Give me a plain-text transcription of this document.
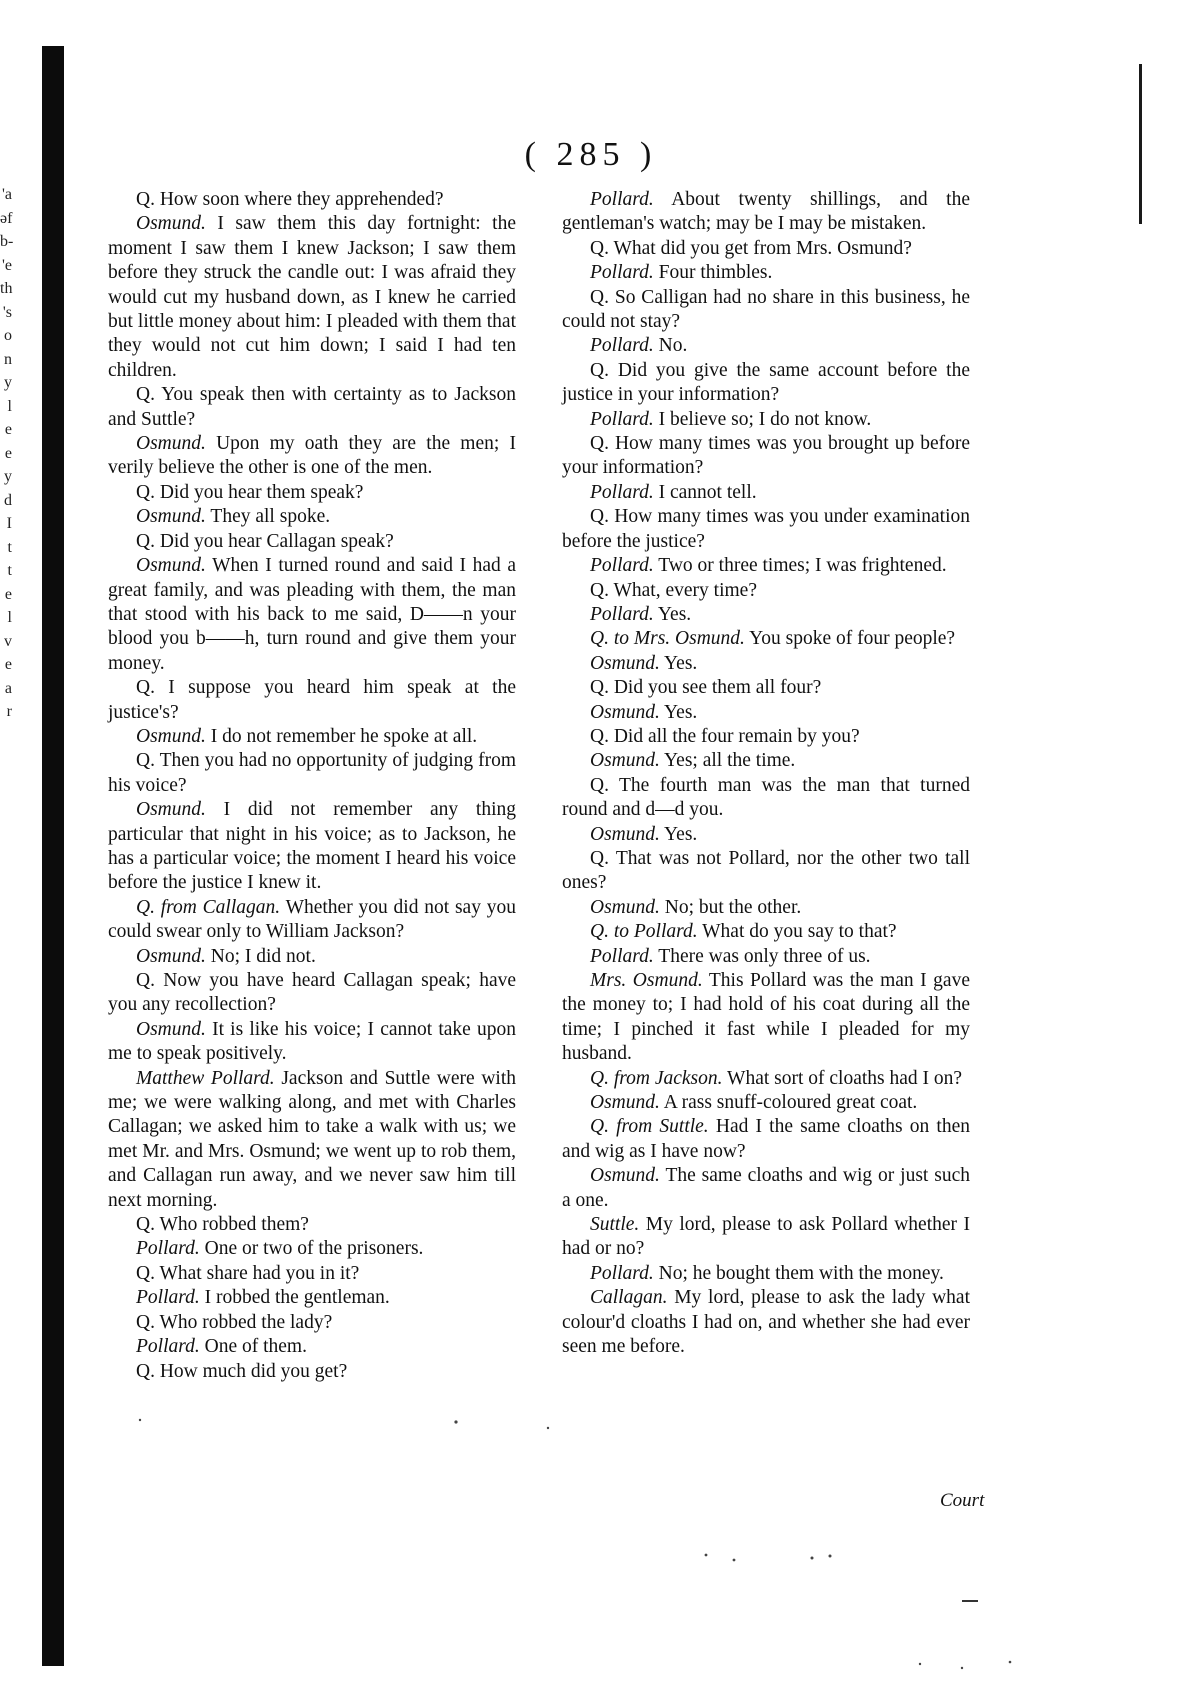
'a
əf
b-
'e
th
's
o
n
y
l
e
e
y
d
I
t
t
e
l
v
e
a
r
( 285 )

Q. How soon where they apprehended?

Osmund. I saw them this day fortnight: the moment I saw them I knew Jackson; I saw them before they struck the candle out: I was afraid they would cut my husband down, as I knew he carried but little money about him: I pleaded with them that they would not cut him down; I said I had ten children.

Q. You speak then with certainty as to Jackson and Suttle?

Osmund. Upon my oath they are the men; I verily believe the other is one of the men.

Q. Did you hear them speak?

Osmund. They all spoke.

Q. Did you hear Callagan speak?

Osmund. When I turned round and said I had a great family, and was pleading with them, the man that stood with his back to me said, D——n your blood you b——h, turn round and give them your money.

Q. I suppose you heard him speak at the justice's?

Osmund. I do not remember he spoke at all.

Q. Then you had no opportunity of judging from his voice?

Osmund. I did not remember any thing particular that night in his voice; as to Jackson, he has a particular voice; the moment I heard his voice before the justice I knew it.

Q. from Callagan. Whether you did not say you could swear only to William Jackson?

Osmund. No; I did not.

Q. Now you have heard Callagan speak; have you any recollection?

Osmund. It is like his voice; I cannot take upon me to speak positively.

Matthew Pollard. Jackson and Suttle were with me; we were walking along, and met with Charles Callagan; we asked him to take a walk with us; we met Mr. and Mrs. Osmund; we went up to rob them, and Callagan run away, and we never saw him till next morning.

Q. Who robbed them?

Pollard. One or two of the prisoners.

Q. What share had you in it?

Pollard. I robbed the gentleman.

Q. Who robbed the lady?

Pollard. One of them.

Q. How much did you get?

Pollard. About twenty shillings, and the gentleman's watch; may be I may be mistaken.

Q. What did you get from Mrs. Osmund?

Pollard. Four thimbles.

Q. So Calligan had no share in this business, he could not stay?

Pollard. No.

Q. Did you give the same account before the justice in your information?

Pollard. I believe so; I do not know.

Q. How many times was you brought up before your information?

Pollard. I cannot tell.

Q. How many times was you under examination before the justice?

Pollard. Two or three times; I was frightened.

Q. What, every time?

Pollard. Yes.

Q. to Mrs. Osmund. You spoke of four people?

Osmund. Yes.

Q. Did you see them all four?

Osmund. Yes.

Q. Did all the four remain by you?

Osmund. Yes; all the time.

Q. The fourth man was the man that turned round and d—d you.

Osmund. Yes.

Q. That was not Pollard, nor the other two tall ones?

Osmund. No; but the other.

Q. to Pollard. What do you say to that?

Pollard. There was only three of us.

Mrs. Osmund. This Pollard was the man I gave the money to; I had hold of his coat during all the time; I pinched it fast while I pleaded for my husband.

Q. from Jackson. What sort of cloaths had I on?

Osmund. A rass snuff-coloured great coat.

Q. from Suttle. Had I the same cloaths on then and wig as I have now?

Osmund. The same cloaths and wig or just such a one.

Suttle. My lord, please to ask Pollard whether I had or no?

Pollard. No; he bought them with the money.

Callagan. My lord, please to ask the lady what colour'd cloaths I had on, and whether she had ever seen me before.

Court
